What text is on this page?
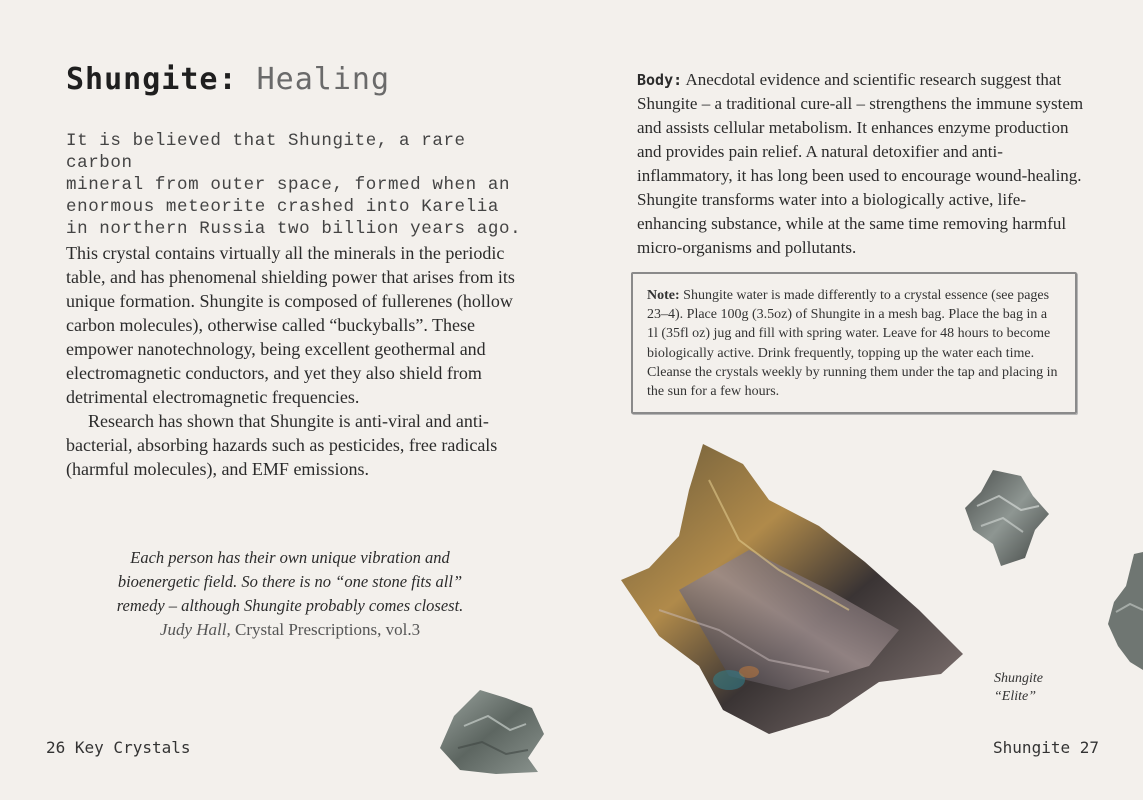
Shungite: Healing

It is believed that Shungite, a rare carbon
mineral from outer space, formed when an
enormous meteorite crashed into Karelia
in northern Russia two billion years ago.

This crystal contains virtually all the minerals in the periodic table, and has phenomenal shielding power that arises from its unique formation. Shungite is composed of fullerenes (hollow carbon molecules), otherwise called “buckyballs”. These empower nanotechnology, being excellent geothermal and electromagnetic conductors, and yet they also shield from detrimental electromagnetic frequencies.

Research has shown that Shungite is anti-viral and anti-bacterial, absorbing hazards such as pesticides, free radicals (harmful molecules), and EMF emissions.

Each person has their own unique vibration and bioenergetic field. So there is no “one stone fits all” remedy – although Shungite probably comes closest.

Judy Hall, Crystal Prescriptions, vol.3

26 Key Crystals

Body: Anecdotal evidence and scientific research suggest that Shungite – a traditional cure-all – strengthens the immune system and assists cellular metabolism. It enhances enzyme production and provides pain relief. A natural detoxifier and anti-inflammatory, it has long been used to encourage wound-healing. Shungite transforms water into a biologically active, life-enhancing substance, while at the same time removing harmful micro-organisms and pollutants.

Note: Shungite water is made differently to a crystal essence (see pages 23–4). Place 100g (3.5oz) of Shungite in a mesh bag. Place the bag in a 1l (35fl oz) jug and fill with spring water. Leave for 48 hours to become biologically active. Drink frequently, topping up the water each time. Cleanse the crystals weekly by running them under the tap and placing in the sun for a few hours.
Shungite
“Elite”
Shungite 27
